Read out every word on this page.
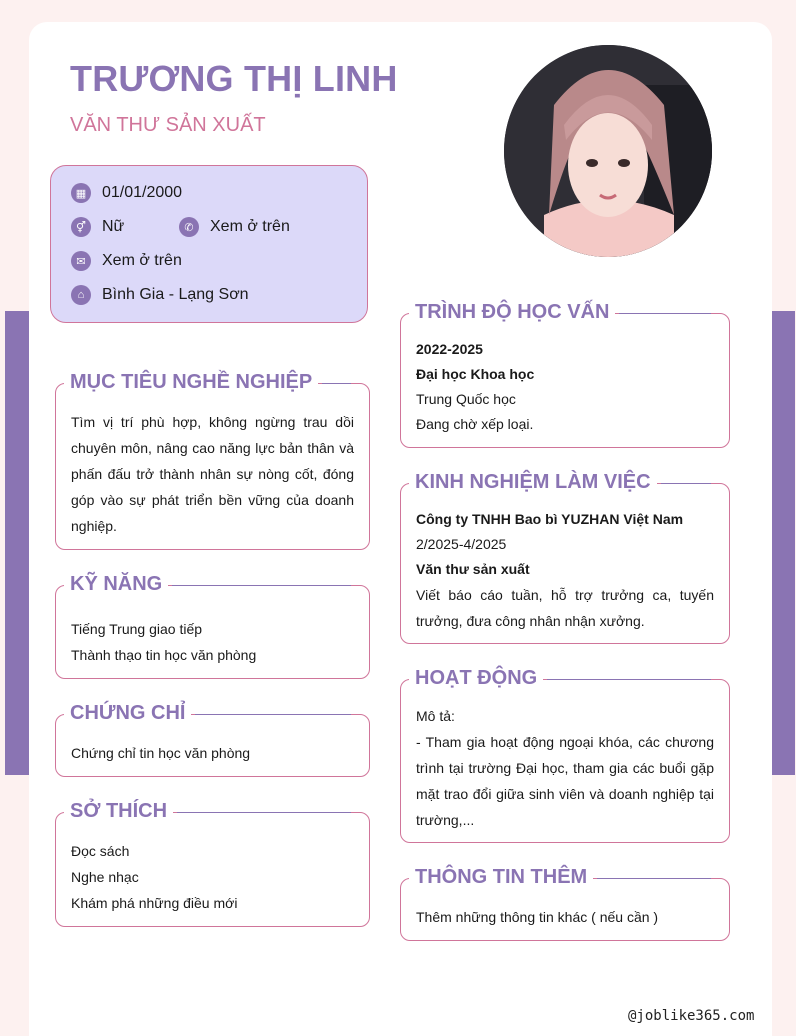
TRƯƠNG THỊ LINH
VĂN THƯ SẢN XUẤT
▦ 01/01/2000
⚥	Nữ	✆	Xem ở trên
✉	Xem ở trên
⌂	Bình Gia - Lạng Sơn
MỤC TIÊU NGHỀ NGHIỆP
Tìm vị trí phù hợp, không ngừng trau dồi chuyên môn, nâng cao năng lực bản thân và phấn đấu trở thành nhân sự nòng cốt, đóng góp vào sự phát triển bền vững của doanh nghiệp.
KỸ NĂNG
Tiếng Trung giao tiếp
Thành thạo tin học văn phòng
CHỨNG CHỈ
Chứng chỉ tin học văn phòng
SỞ THÍCH
Đọc sách
Nghe nhạc
Khám phá những điều mới
TRÌNH ĐỘ HỌC VẤN
2022-2025
Đại học Khoa học
Trung Quốc học
Đang chờ xếp loại.
KINH NGHIỆM LÀM VIỆC
Công ty TNHH Bao bì YUZHAN Việt Nam
2/2025-4/2025
Văn thư sản xuất
Viết báo cáo tuần, hỗ trợ trưởng ca, tuyến trưởng, đưa công nhân nhận xưởng.
HOẠT ĐỘNG
Mô tả:
- Tham gia hoạt động ngoại khóa, các chương trình tại trường Đại học, tham gia các buổi gặp mặt trao đổi giữa sinh viên và doanh nghiệp tại trường,...
THÔNG TIN THÊM
Thêm những thông tin khác ( nếu cần )
@joblike365.com
